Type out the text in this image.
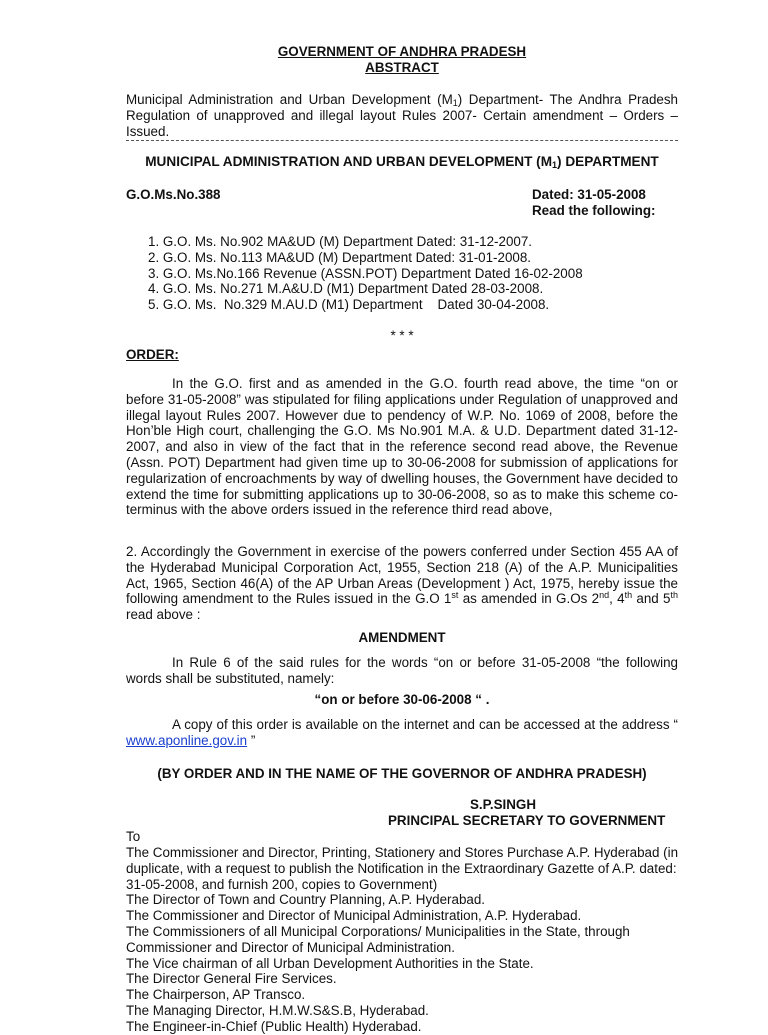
GOVERNMENT OF ANDHRA PRADESH
ABSTRACT
Municipal Administration and Urban Development $(M_1)$ Department- The Andhra Pradesh Regulation of unapproved and illegal layout Rules 2007- Certain amendment – Orders – Issued.
MUNICIPAL ADMINISTRATION AND URBAN DEVELOPMENT $(M_1)$ DEPARTMENT
G.O.Ms.No.388	Dated: 31-05-2008
Read the following:
1. G.O. Ms. No.902 MA&UD (M) Department Dated: 31-12-2007.
2. G.O. Ms. No.113 MA&UD (M) Department Dated: 31-01-2008.
3. G.O. Ms.No.166 Revenue (ASSN.POT) Department Dated 16-02-2008
4. G.O. Ms. No.271 M.A&U.D (M1) Department Dated 28-03-2008.
5. G.O. Ms.  No.329 M.AU.D (M1) Department    Dated 30-04-2008.
* * *
ORDER:
In the G.O. first and as amended in the G.O. fourth read above, the time “on or before 31-05-2008” was stipulated for filing applications under Regulation of unapproved and illegal layout Rules 2007. However due to pendency of W.P. No. 1069 of 2008, before the Hon’ble High court, challenging the G.O. Ms No.901 M.A. & U.D. Department dated 31-12-2007, and also in view of the fact that in the reference second read above, the Revenue (Assn. POT) Department had given time up to 30-06-2008 for submission of applications for regularization of encroachments by way of dwelling houses, the Government have decided to extend the time for submitting applications up to 30-06-2008, so as to make this scheme co-terminus with the above orders issued in the reference third read above,
2. Accordingly the Government in exercise of the powers conferred under Section 455 AA of the Hyderabad Municipal Corporation Act, 1955, Section 218 (A) of the A.P. Municipalities Act, 1965, Section 46(A) of the AP Urban Areas (Development ) Act, 1975, hereby issue the following amendment to the Rules issued in the G.O 1st as amended in G.Os 2nd, 4th and 5th read above :
AMENDMENT
In Rule 6 of the said rules for the words “on or before 31-05-2008 “the following words shall be substituted, namely:
“on or before 30-06-2008 “ .
A copy of this order is available on the internet and can be accessed at the address “ www.aponline.gov.in ”
(BY ORDER AND IN THE NAME OF THE GOVERNOR OF ANDHRA PRADESH)
S.P.SINGH
PRINCIPAL SECRETARY TO GOVERNMENT
To
The Commissioner and Director, Printing, Stationery and Stores Purchase A.P. Hyderabad (in duplicate, with a request to publish the Notification in the Extraordinary Gazette of A.P. dated: 31-05-2008, and furnish 200, copies to Government)
The Director of Town and Country Planning, A.P. Hyderabad.
The Commissioner and Director of Municipal Administration, A.P. Hyderabad.
The Commissioners of all Municipal Corporations/ Municipalities in the State, through Commissioner and Director of Municipal Administration.
The Vice chairman of all Urban Development Authorities in the State.
The Director General Fire Services.
The Chairperson, AP Transco.
The Managing Director, H.M.W.S&S.B, Hyderabad.
The Engineer-in-Chief (Public Health) Hyderabad.
